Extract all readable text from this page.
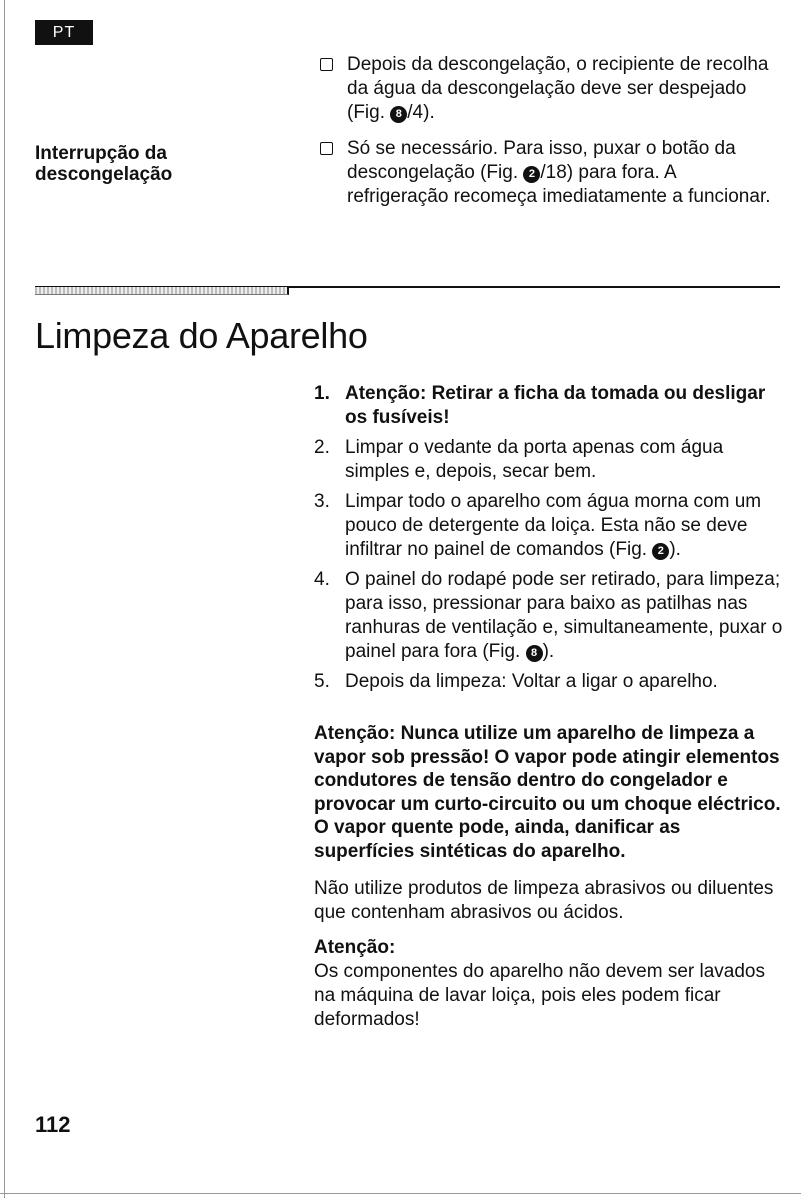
PT
Depois da descongelação, o recipiente de recolha da água da descongelação deve ser despejado (Fig. 8 /4).
Só se necessário. Para isso, puxar o botão da descongelação (Fig. 2 /18) para fora. A refrigeração recomeça imediatamente a funcionar.
Interrupção da descongelação
Limpeza do Aparelho
1. Atenção: Retirar a ficha da tomada ou desligar os fusíveis!
2. Limpar o vedante da porta apenas com água simples e, depois, secar bem.
3. Limpar todo o aparelho com água morna com um pouco de detergente da loiça. Esta não se deve infiltrar no painel de comandos (Fig. 2 ).
4. O painel do rodapé pode ser retirado, para limpeza; para isso, pressionar para baixo as patilhas nas ranhuras de ventilação e, simultaneamente, puxar o painel para fora (Fig. 8 ).
5. Depois da limpeza: Voltar a ligar o aparelho.
Atenção: Nunca utilize um aparelho de limpeza a vapor sob pressão! O vapor pode atingir elementos condutores de tensão dentro do congelador e provocar um curto-circuito ou um choque eléctrico. O vapor quente pode, ainda, danificar as superfícies sintéticas do aparelho.
Não utilize produtos de limpeza abrasivos ou diluentes que contenham abrasivos ou ácidos.
Atenção:
Os componentes do aparelho não devem ser lavados na máquina de lavar loiça, pois eles podem ficar deformados!
112
